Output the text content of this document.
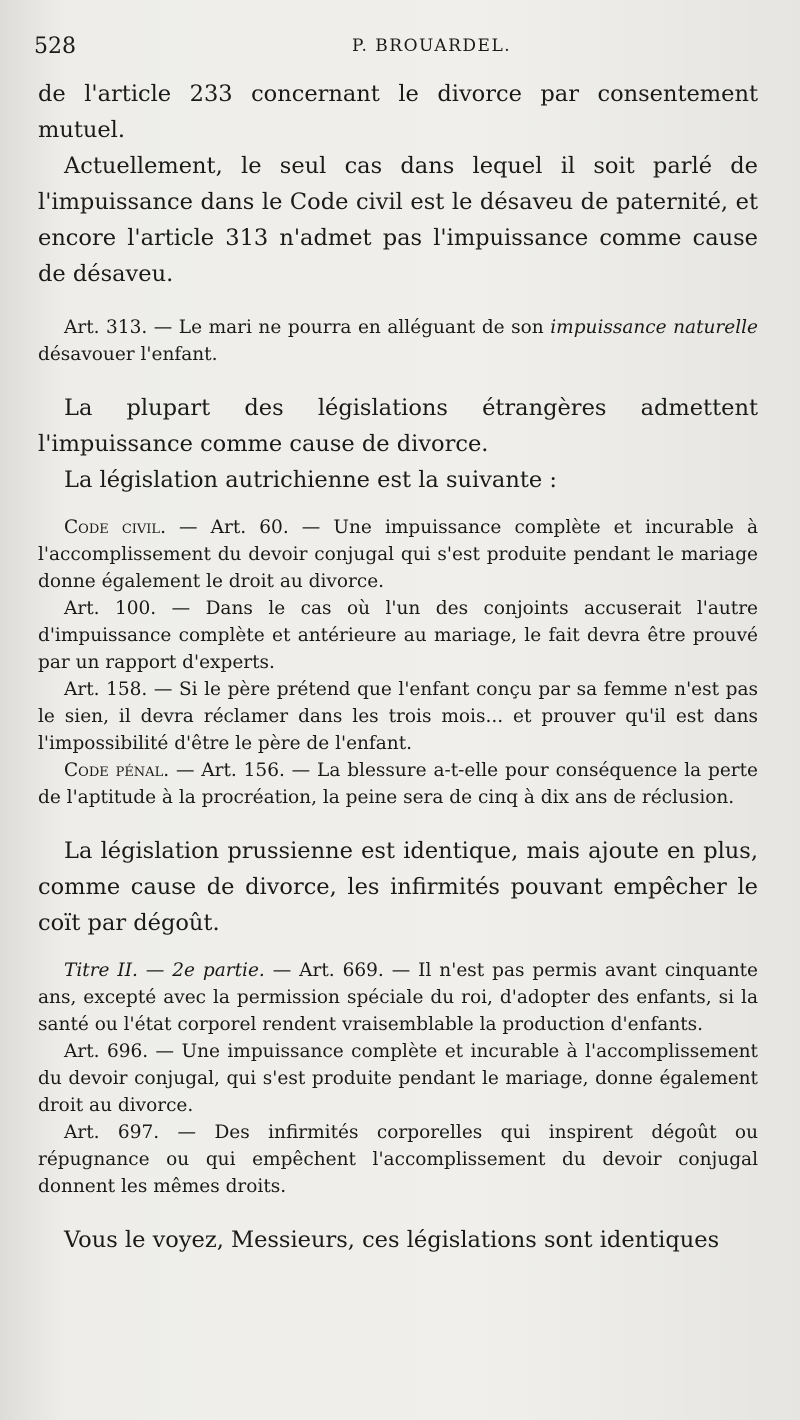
528	P. BROUARDEL.

de l'article 233 concernant le divorce par consentement mutuel.

Actuellement, le seul cas dans lequel il soit parlé de l'impuissance dans le Code civil est le désaveu de paternité, et encore l'article 313 n'admet pas l'impuissance comme cause de désaveu.

Art. 313. — Le mari ne pourra en alléguant de son impuissance naturelle désavouer l'enfant.

La plupart des législations étrangères admettent l'impuissance comme cause de divorce.

La législation autrichienne est la suivante :

Code civil. — Art. 60. — Une impuissance complète et incurable à l'accomplissement du devoir conjugal qui s'est produite pendant le mariage donne également le droit au divorce.

Art. 100. — Dans le cas où l'un des conjoints accuserait l'autre d'impuissance complète et antérieure au mariage, le fait devra être prouvé par un rapport d'experts.

Art. 158. — Si le père prétend que l'enfant conçu par sa femme n'est pas le sien, il devra réclamer dans les trois mois... et prouver qu'il est dans l'impossibilité d'être le père de l'enfant.

Code pénal. — Art. 156. — La blessure a-t-elle pour conséquence la perte de l'aptitude à la procréation, la peine sera de cinq à dix ans de réclusion.

La législation prussienne est identique, mais ajoute en plus, comme cause de divorce, les infirmités pouvant empêcher le coït par dégoût.

Titre II. — 2e partie. — Art. 669. — Il n'est pas permis avant cinquante ans, excepté avec la permission spéciale du roi, d'adopter des enfants, si la santé ou l'état corporel rendent vraisemblable la production d'enfants.

Art. 696. — Une impuissance complète et incurable à l'accomplissement du devoir conjugal, qui s'est produite pendant le mariage, donne également droit au divorce.

Art. 697. — Des infirmités corporelles qui inspirent dégoût ou répugnance ou qui empêchent l'accomplissement du devoir conjugal donnent les mêmes droits.

Vous le voyez, Messieurs, ces législations sont identiques
